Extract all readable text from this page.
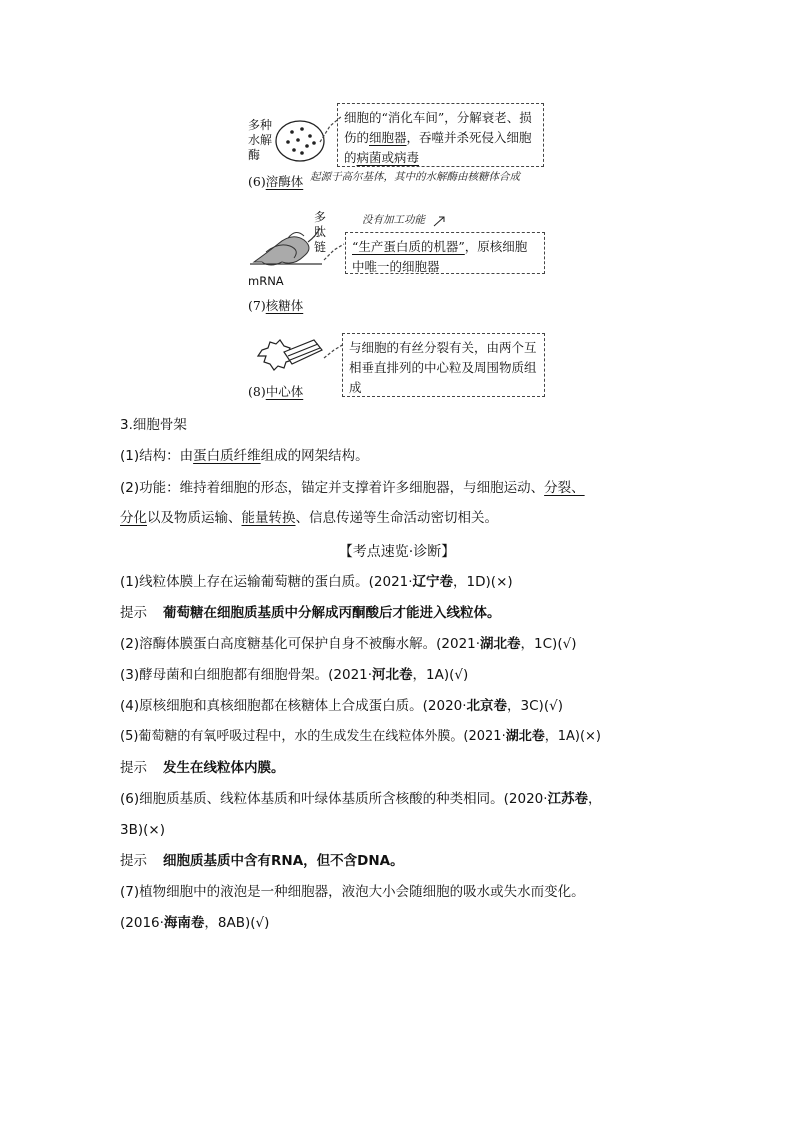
多种
水解
酶
细胞的“消化车间”，分解衰老、损伤的细胞器，吞噬并杀死侵入细胞的病菌或病毒
(6)溶酶体 起源于高尔基体，其中的水解酶由核糖体合成
多
肽
链
没有加工功能
mRNA
“生产蛋白质的机器”，原核细胞中唯一的细胞器
(7)核糖体
与细胞的有丝分裂有关，由两个互相垂直排列的中心粒及周围物质组成
(8)中心体
3.细胞骨架
(1)结构：由蛋白质纤维组成的网架结构。
(2)功能：维持着细胞的形态，锚定并支撑着许多细胞器，与细胞运动、分裂、
分化以及物质运输、能量转换、信息传递等生命活动密切相关。
【考点速览·诊断】
(1)线粒体膜上存在运输葡萄糖的蛋白质。(2021·辽宁卷，1D)(×)
提示 葡萄糖在细胞质基质中分解成丙酮酸后才能进入线粒体。
(2)溶酶体膜蛋白高度糖基化可保护自身不被酶水解。(2021·湖北卷，1C)(√)
(3)酵母菌和白细胞都有细胞骨架。(2021·河北卷，1A)(√)
(4)原核细胞和真核细胞都在核糖体上合成蛋白质。(2020·北京卷，3C)(√)
(5)葡萄糖的有氧呼吸过程中，水的生成发生在线粒体外膜。(2021·湖北卷，1A)(×)
提示 发生在线粒体内膜。
(6)细胞质基质、线粒体基质和叶绿体基质所含核酸的种类相同。(2020·江苏卷，
3B)(×)
提示 细胞质基质中含有RNA，但不含DNA。
(7)植物细胞中的液泡是一种细胞器，液泡大小会随细胞的吸水或失水而变化。
(2016·海南卷，8AB)(√)
